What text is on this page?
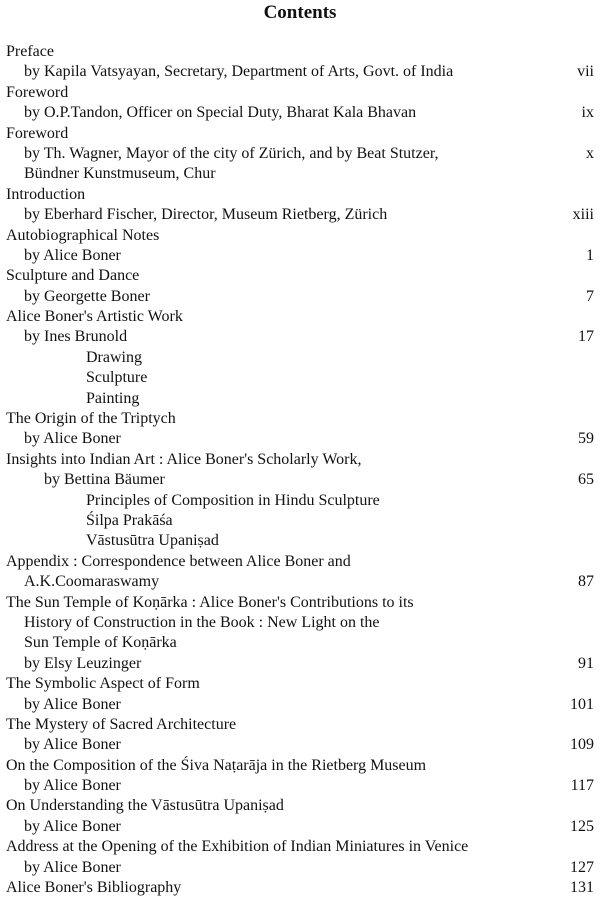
Contents
Preface
by Kapila Vatsyayan, Secretary, Department of Arts, Govt. of India	vii
Foreword
by O.P.Tandon, Officer on Special Duty, Bharat Kala Bhavan	ix
Foreword
by Th. Wagner, Mayor of the city of Zürich, and by Beat Stutzer,	x
Bündner Kunstmuseum, Chur
Introduction
by Eberhard Fischer, Director, Museum Rietberg, Zürich	xiii
Autobiographical Notes
by Alice Boner	1
Sculpture and Dance
by Georgette Boner	7
Alice Boner's Artistic Work
by Ines Brunold	17
Drawing
Sculpture
Painting
The Origin of the Triptych
by Alice Boner	59
Insights into Indian Art : Alice Boner's Scholarly Work,
by Bettina Bäumer	65
Principles of Composition in Hindu Sculpture
Śilpa Prakāśa
Vāstusūtra Upaniṣad
Appendix : Correspondence between Alice Boner and
A.K.Coomaraswamy	87
The Sun Temple of Koṇārka : Alice Boner's Contributions to its
History of Construction in the Book : New Light on the
Sun Temple of Koṇārka
by Elsy Leuzinger	91
The Symbolic Aspect of Form
by Alice Boner	101
The Mystery of Sacred Architecture
by Alice Boner	109
On the Composition of the Śiva Naṭarāja in the Rietberg Museum
by Alice Boner	117
On Understanding the Vāstusūtra Upaniṣad
by Alice Boner	125
Address at the Opening of the Exhibition of Indian Miniatures in Venice
by Alice Boner	127
Alice Boner's Bibliography	131
